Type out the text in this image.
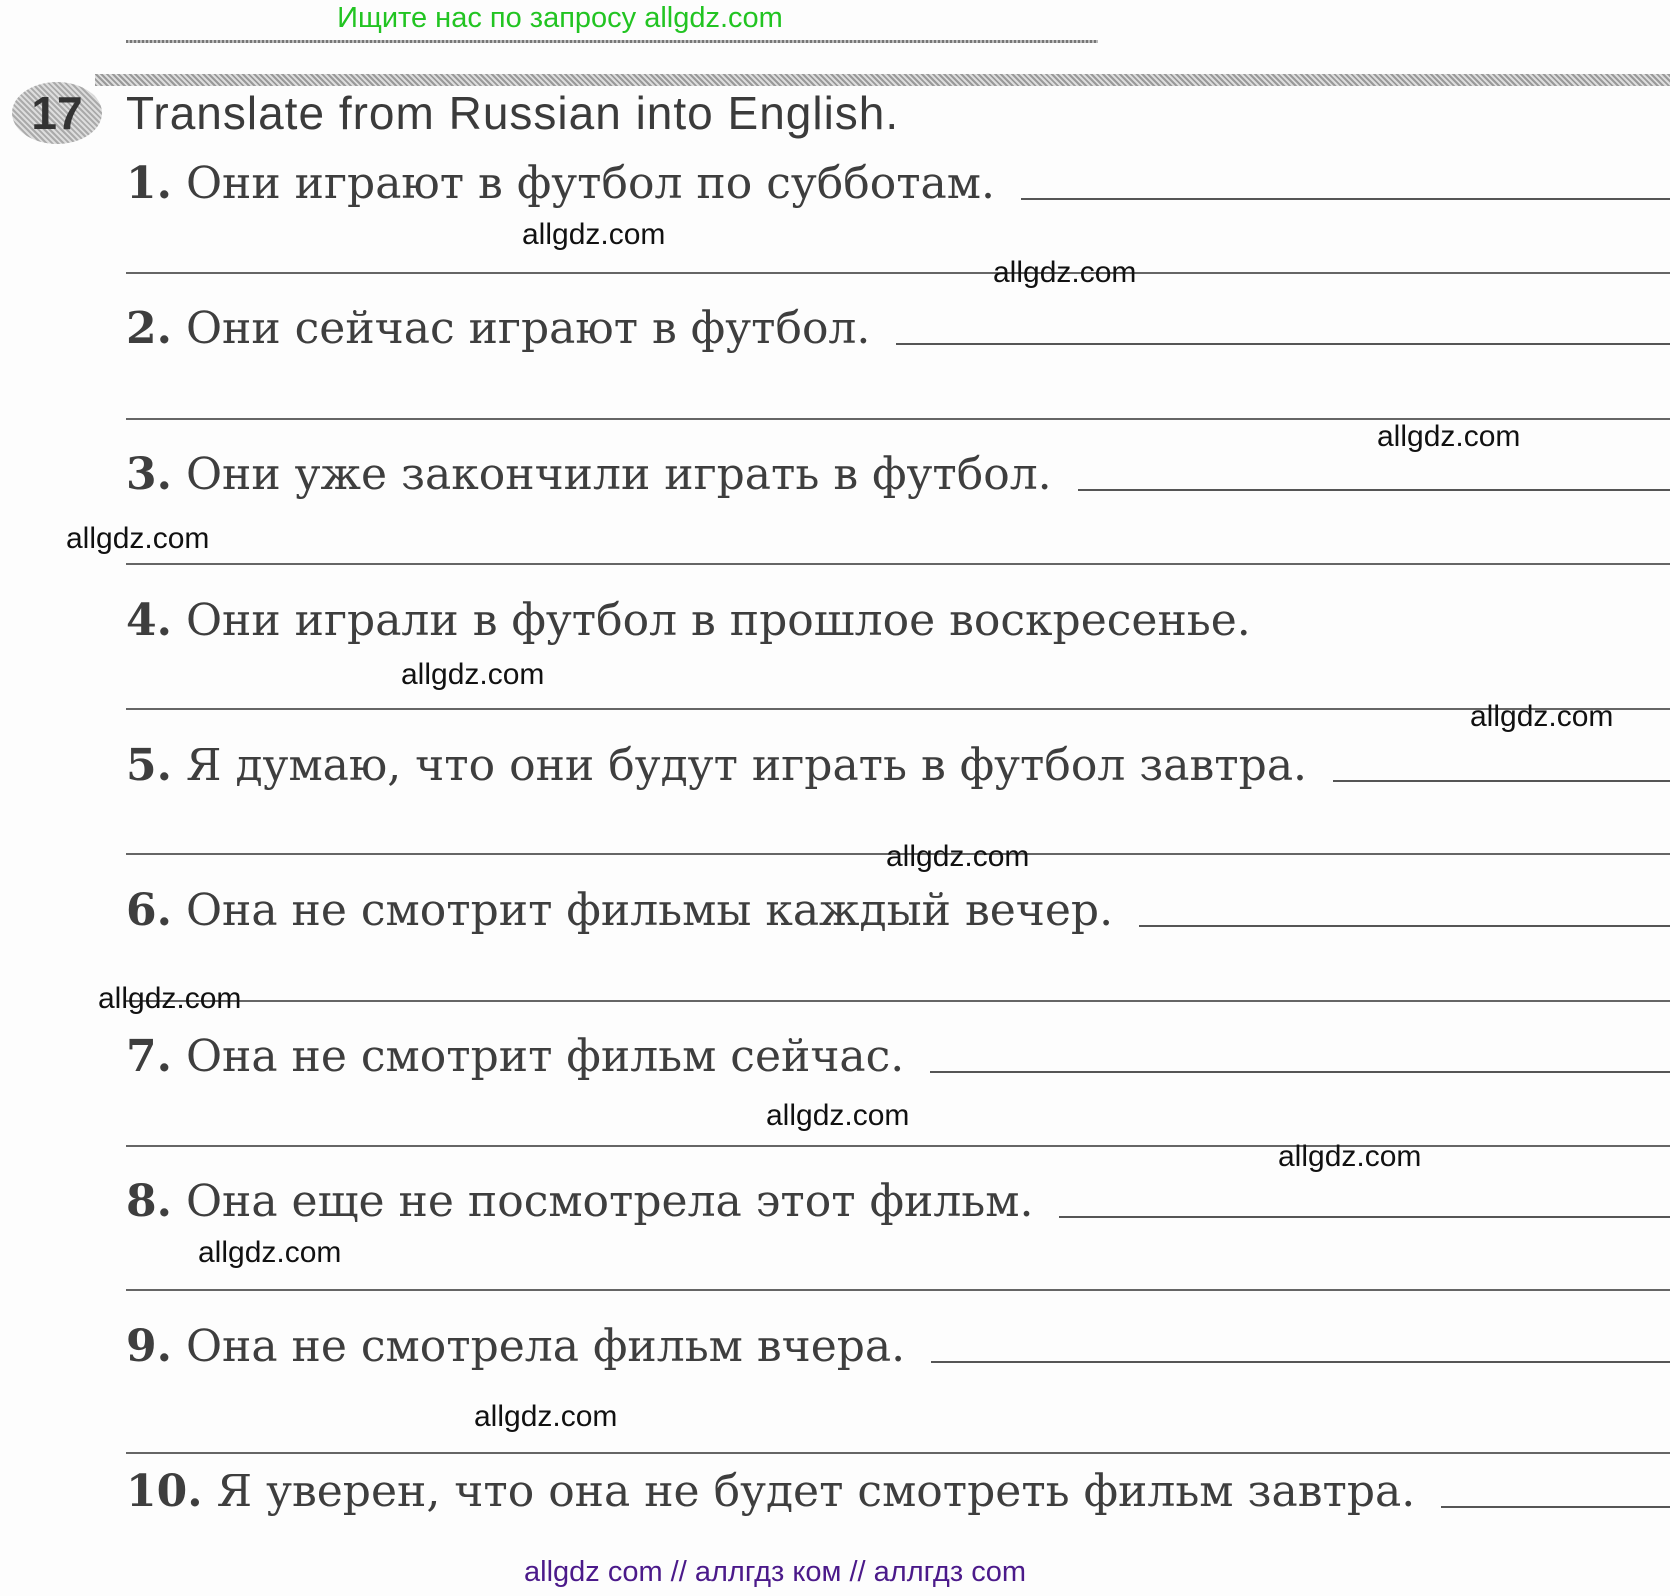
Ищите нас по запросу allgdz.com
17 Translate from Russian into English.
1. Они играют в футбол по субботам.
2. Они сейчас играют в футбол.
3. Они уже закончили играть в футбол.
4. Они играли в футбол в прошлое воскресенье.
5. Я думаю, что они будут играть в футбол завтра.
6. Она не смотрит фильмы каждый вечер.
7. Она не смотрит фильм сейчас.
8. Она еще не посмотрела этот фильм.
9. Она не смотрела фильм вчера.
10. Я уверен, что она не будет смотреть фильм завтра.
allgdz.com
allgdz.com
allgdz.com
allgdz.com
allgdz.com
allgdz.com
allgdz.com
allgdz.com
allgdz.com
allgdz.com
allgdz.com
allgdz.com
allgdz com // аллгдз ком // аллгдз com
